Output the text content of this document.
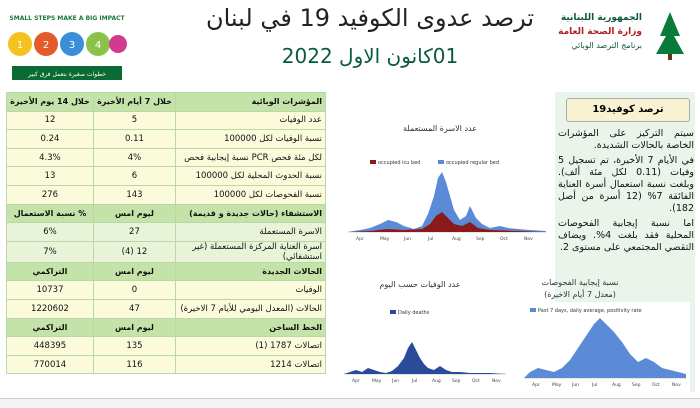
SMALL STEPS MAKE A BIG IMPACT
1 2 3 4
خطوات صغيرة بتعمل فرق كبير
ترصد عدوى الكوفيد 19 في لبنان
01كانون الاول 2022
الجمهورية اللبنانية
وزارة الصحة العامة
برنامج الترصد الوبائي
ترصد كوفيد19

سيتم التركيز على المؤشرات الخاصة بالحالات الشديدة.

في الأيام 7 الأخيرة، تم تسجيل 5 وفيات (0.11 لكل مئة ألف). وبلغت نسبة استعمال أسرة العناية الفائقة 7% (12 أسرة من أصل 182).

اما نسبة إيجابية الفحوصات المحلية فقد بلغت 4%. ويضاف التقصي المجتمعي على مستوى 2.

المؤشرات الوبائية	خلال 7 أيام الأخيرة	خلال 14 يوم الأخيرة
عدد الوفيات	5	12
نسبة الوفيات لكل 100000	0.11	0.24
لكل مئة فحص PCR نسبة إيجابية فحص	4%	4.3%
نسبة الحدوث المحلية لكل 100000	6	13
نسبة الفحوصات لكل 100000	143	276
الاستشفاء (حالات جديدة و قديمة)	ليوم امس	% نسبة الاستعمال
الاسرة المستعملة	27	6%
اسرة العناية المركزة المستعملة (غير استشفائي)	12 (4)	7%
الحالات الجديدة	ليوم امس	التراكمي
الوفيات	0	10737
الحالات (المعدل اليومي للأيام 7 الاخيرة)	47	1220602
الخط الساخن	ليوم امس	التراكمي
اتصالات 1787 (1)	135	448395
اتصالات 1214	116	770014
عدد الاسرة المستعملة
occupied icu bed	occupied regular bed
Apr	May	Jun	Jul	Aug	Sep	Oct	Nov
عدد الوفيات حسب اليوم
Daily deaths
Apr	May Jun	Jul	Aug Sep	Oct	Nov
نسبة إيجابية الفحوصات
(معدل 7 أيام الاخيرة)
Past 7 days, daily average, positivity rate
Apr	May Jun	Jul	Aug Sep	Oct	Nov
